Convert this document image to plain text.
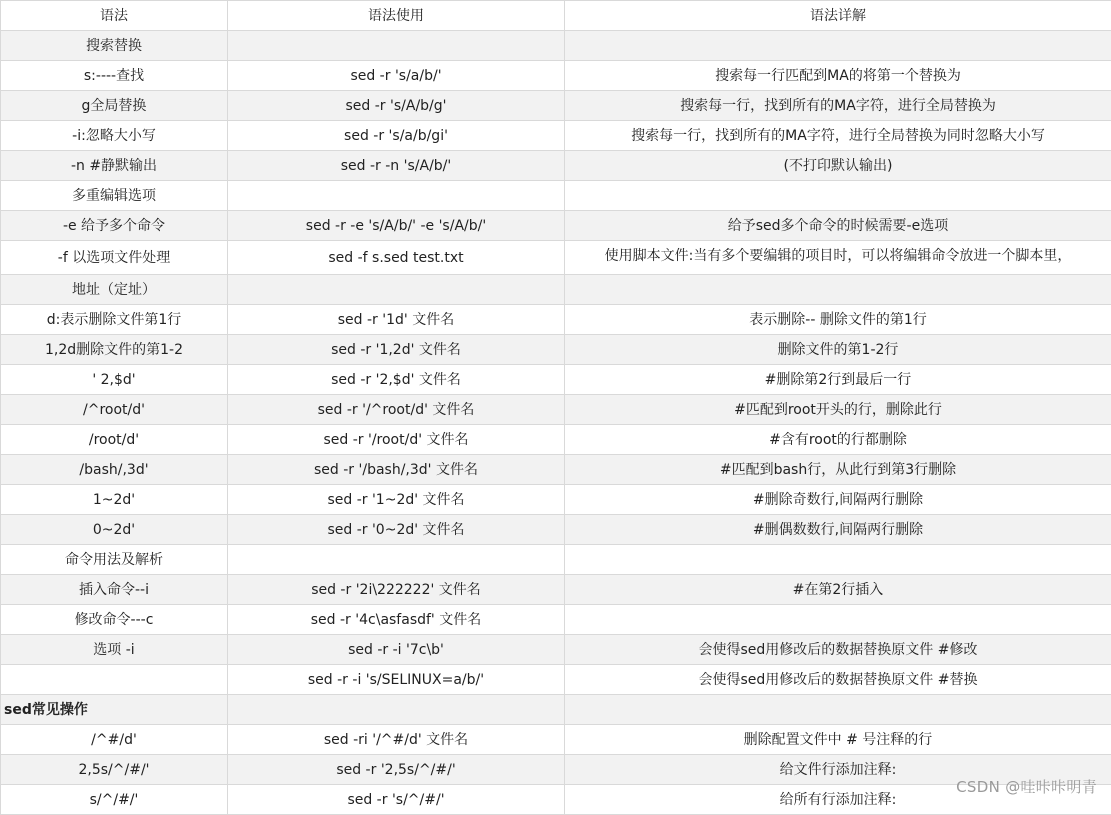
语法	语法使用	语法详解
搜索替换		
s:----查找	sed -r 's/a/b/'	搜索每一行匹配到MA的将第一个替换为
g全局替换	sed -r 's/A/b/g'	搜索每一行，找到所有的MA字符，进行全局替换为
-i:忽略大小写	sed -r 's/a/b/gi'	搜索每一行，找到所有的MA字符，进行全局替换为同时忽略大小写
-n #静默输出	sed -r -n 's/A/b/'	(不打印默认输出)
多重编辑选项		
-e 给予多个命令	sed -r -e 's/A/b/' -e 's/A/b/'	给予sed多个命令的时候需要-e选项
-f 以选项文件处理	sed -f s.sed test.txt	使用脚本文件:当有多个要编辑的项目时，可以将编辑命令放进一个脚本里，
地址（定址）		
d:表示删除文件第1行	sed -r '1d' 文件名	表示删除-- 删除文件的第1行
1,2d删除文件的第1-2	sed -r '1,2d' 文件名	删除文件的第1-2行
' 2,$d'	sed -r '2,$d' 文件名	#删除第2行到最后一行
/^root/d'	sed -r '/^root/d' 文件名	#匹配到root开头的行，删除此行
/root/d'	sed -r '/root/d' 文件名	#含有root的行都删除
/bash/,3d'	sed -r '/bash/,3d' 文件名	#匹配到bash行，从此行到第3行删除
1~2d'	sed -r '1~2d' 文件名	#删除奇数行,间隔两行删除
0~2d'	sed -r '0~2d' 文件名	#删偶数数行,间隔两行删除
命令用法及解析		
插入命令--i	sed -r '2i\222222' 文件名	#在第2行插入
修改命令---c	sed -r '4c\asfasdf' 文件名	
选项 -i	sed -r -i '7c\b'	会使得sed用修改后的数据替换原文件 #修改
	sed -r -i 's/SELINUX=a/b/'	会使得sed用修改后的数据替换原文件 #替换
sed常见操作		
/^#/d'	sed -ri '/^#/d' 文件名	删除配置文件中 # 号注释的行
2,5s/^/#/'	sed -r '2,5s/^/#/'	给文件行添加注释:
s/^/#/'	sed -r 's/^/#/'	给所有行添加注释:
CSDN @哇咔咔明青
